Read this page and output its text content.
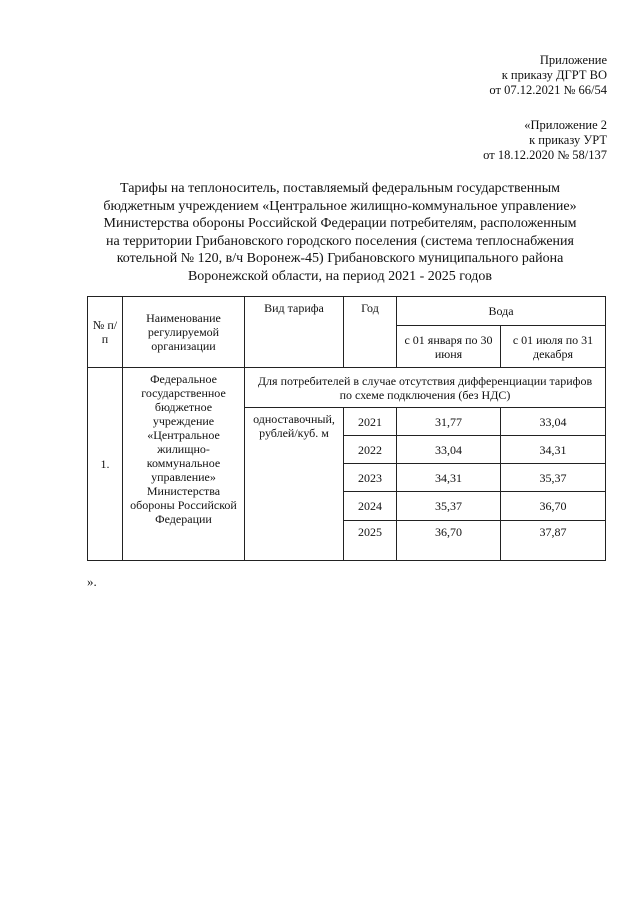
Приложение
к приказу ДГРТ ВО
от 07.12.2021 № 66/54
«Приложение 2
к приказу УРТ
от 18.12.2020 № 58/137
Тарифы на теплоноситель, поставляемый федеральным государственным
бюджетным учреждением «Центральное жилищно-коммунальное управление»
Министерства обороны Российской Федерации потребителям, расположенным
на территории Грибановского городского поселения (система теплоснабжения
котельной № 120, в/ч Воронеж-45) Грибановского муниципального района
Воронежской области, на период 2021 - 2025 годов
№ п/п	Наименование регулируемой организации	Вид тарифа	Год	Вода	
				с 01 января по 30 июня	с 01 июля по 31 декабря
1.	Федеральное государственное бюджетное учреждение «Центральное жилищно-коммунальное управление» Министерства обороны Российской Федерации	Для потребителей в случае отсутствия дифференциации тарифов по схеме подключения (без НДС)			
		одноставочный, рублей/куб. м	2021	31,77	33,04
			2022	33,04	34,31
			2023	34,31	35,37
			2024	35,37	36,70
			2025	36,70	37,87
».
